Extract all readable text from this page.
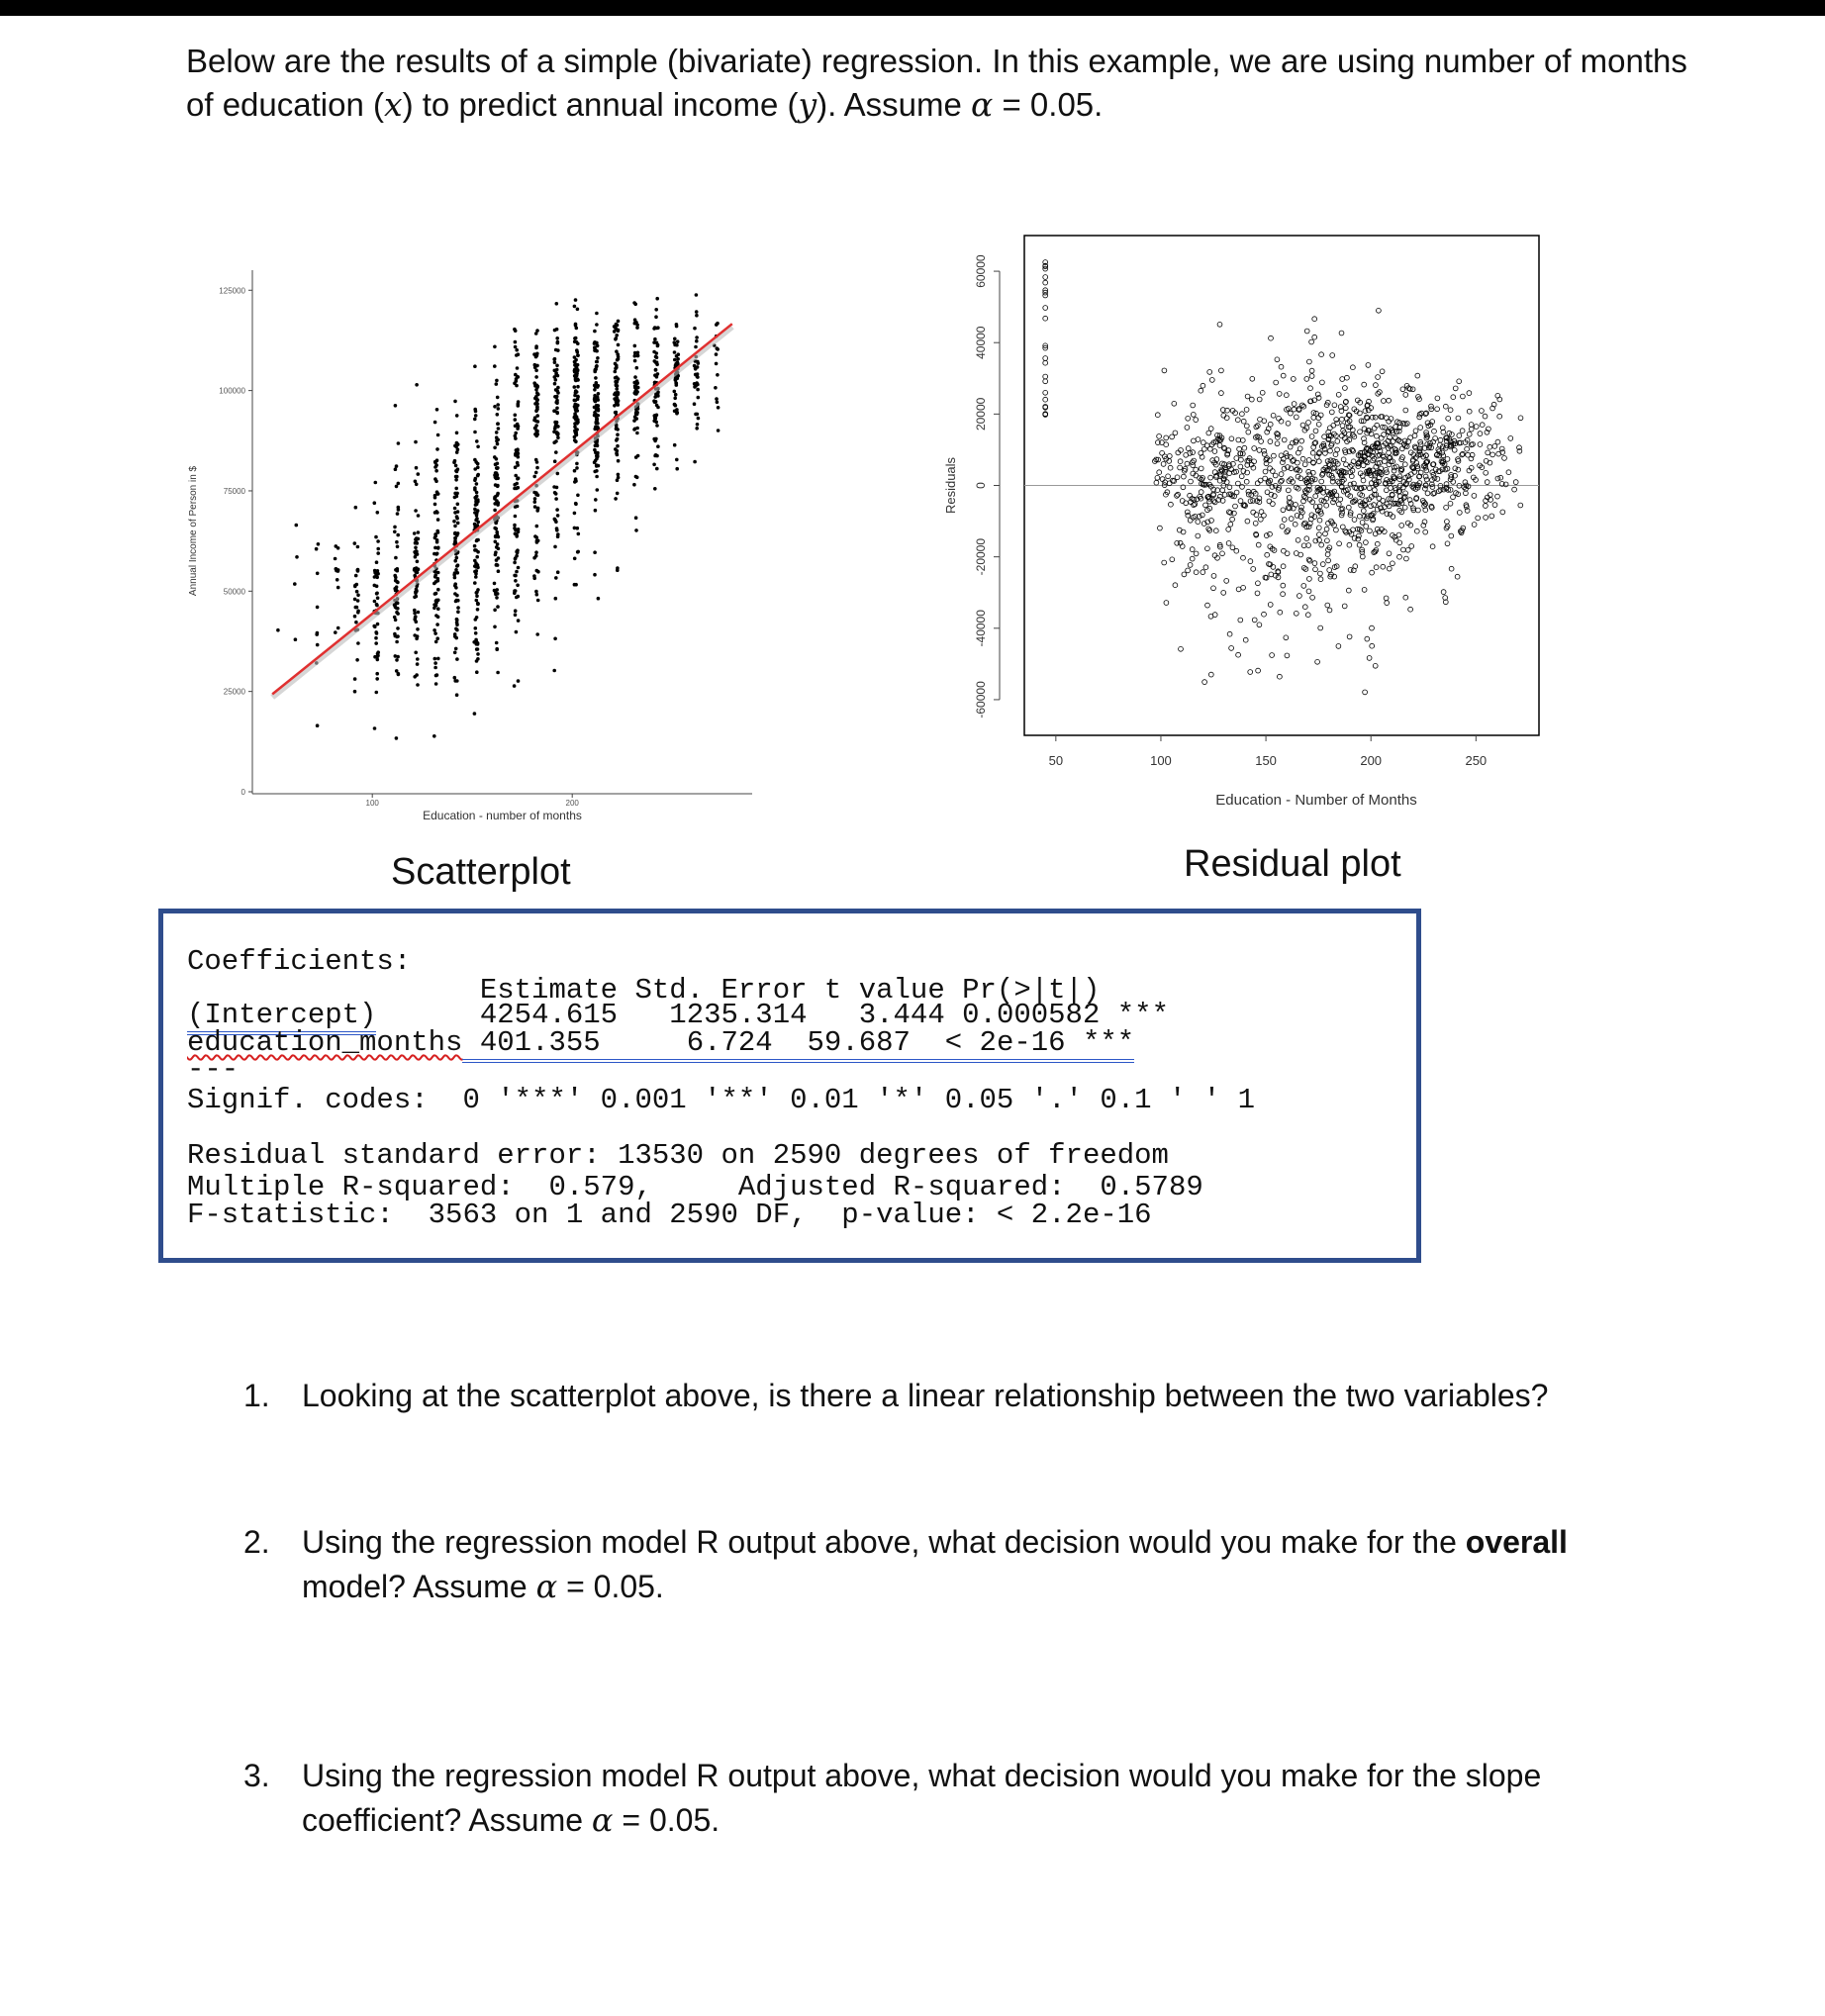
Below are the results of a simple (bivariate) regression. In this example, we are using number of months
of education (x) to predict annual income (y). Assume α = 0.05.
0
25000
50000
75000
100000
125000
100	200
Education - number of months
Annual Income of Person in $
Scatterplot
-60000
-40000
-20000
0
20000
40000
60000
50	100	150	200	250
Education - Number of Months
Residuals
Residual plot
Coefficients:
Estimate Std. Error t value Pr(>|t|)
(Intercept)      4254.615   1235.314   3.444 0.000582 ***
education_months 401.355     6.724  59.687  < 2e-16 ***
---
Signif. codes:  0 '***' 0.001 '**' 0.01 '*' 0.05 '.' 0.1 ' ' 1
Residual standard error: 13530 on 2590 degrees of freedom
Multiple R-squared:  0.579,     Adjusted R-squared:  0.5789
F-statistic:  3563 on 1 and 2590 DF,  p-value: < 2.2e-16
1. Looking at the scatterplot above, is there a linear relationship between the two variables?
2. Using the regression model R output above, what decision would you make for the overall
model? Assume α = 0.05.
3. Using the regression model R output above, what decision would you make for the slope
coefficient? Assume α = 0.05.
